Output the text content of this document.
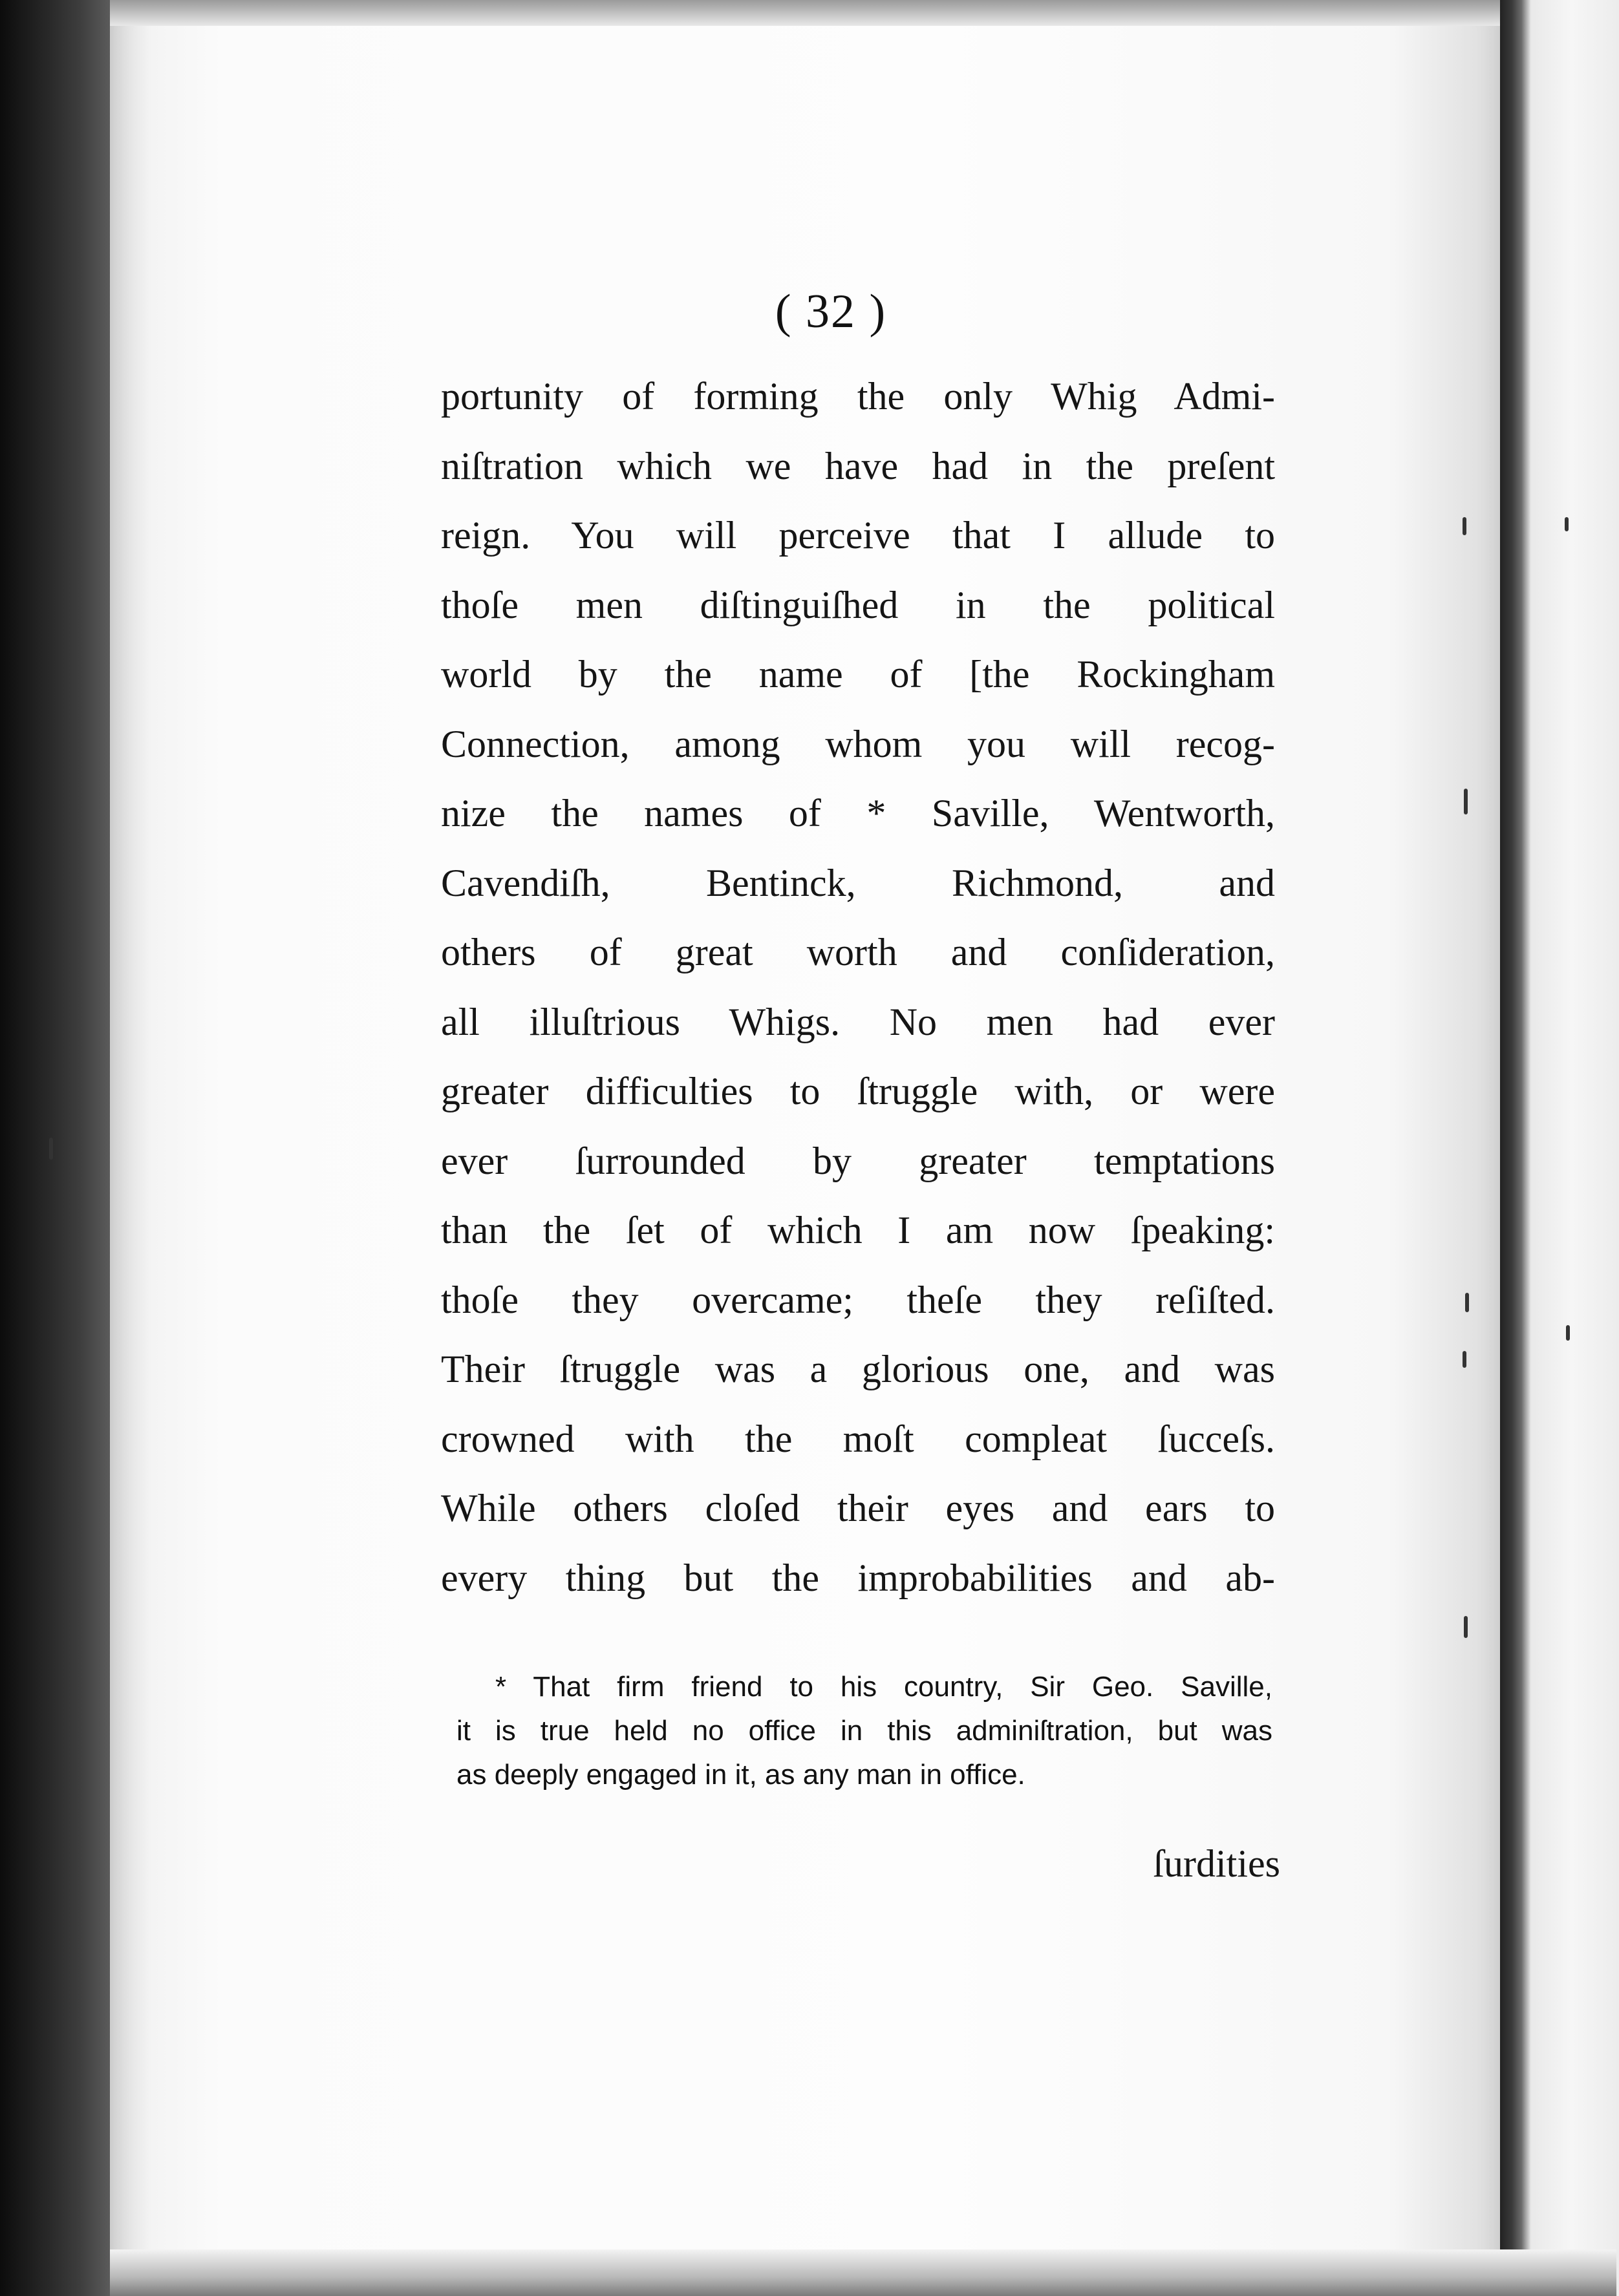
( 32 )
portunity of forming the only Whig Admi-
niſtration which we have had in the preſent
reign. You will perceive that I allude to
thoſe men diſtinguiſhed in the political
world by the name of [the Rockingham
Connection, among whom you will recog-
nize the names of * Saville, Wentworth,
Cavendiſh, Bentinck, Richmond, and
others of great worth and conſideration,
all illuſtrious Whigs. No men had ever
greater difficulties to ſtruggle with, or were
ever ſurrounded by greater temptations
than the ſet of which I am now ſpeaking:
thoſe they overcame; theſe they reſiſted.
Their ſtruggle was a glorious one, and was
crowned with the moſt compleat ſucceſs.
While others cloſed their eyes and ears to
every thing but the improbabilities and ab-
* That firm friend to his country, Sir Geo. Saville,
it is true held no office in this adminiſtration, but was
as deeply engaged in it, as any man in office.
ſurdities
